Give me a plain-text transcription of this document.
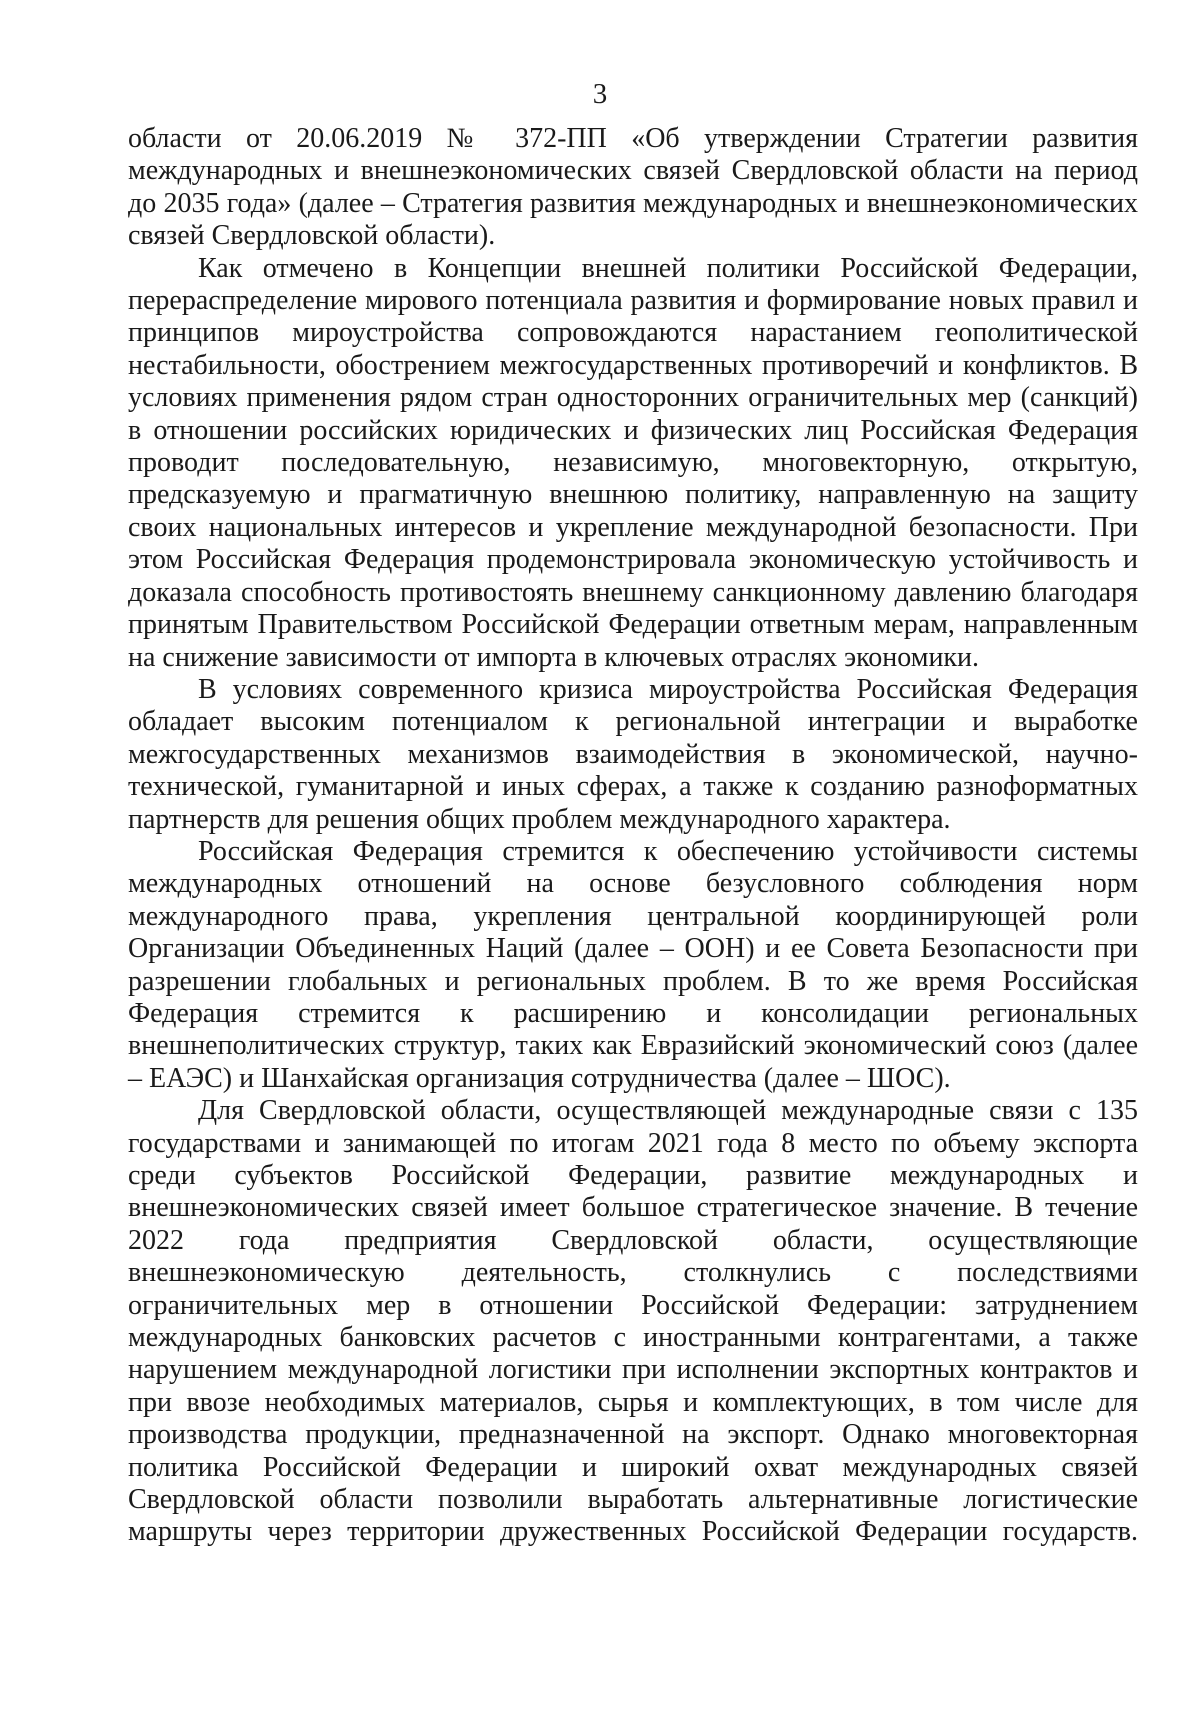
3

области от 20.06.2019 № 372-ПП «Об утверждении Стратегии развития международных и внешнеэкономических связей Свердловской области на период до 2035 года» (далее – Стратегия развития международных и внешнеэкономических связей Свердловской области).

Как отмечено в Концепции внешней политики Российской Федерации, перераспределение мирового потенциала развития и формирование новых правил и принципов мироустройства сопровождаются нарастанием геополитической нестабильности, обострением межгосударственных противоречий и конфликтов. В условиях применения рядом стран односторонних ограничительных мер (санкций) в отношении российских юридических и физических лиц Российская Федерация проводит последовательную, независимую, многовекторную, открытую, предсказуемую и прагматичную внешнюю политику, направленную на защиту своих национальных интересов и укрепление международной безопасности. При этом Российская Федерация продемонстрировала экономическую устойчивость и доказала способность противостоять внешнему санкционному давлению благодаря принятым Правительством Российской Федерации ответным мерам, направленным на снижение зависимости от импорта в ключевых отраслях экономики.

В условиях современного кризиса мироустройства Российская Федерация обладает высоким потенциалом к региональной интеграции и выработке межгосударственных механизмов взаимодействия в экономической, научно-технической, гуманитарной и иных сферах, а также к созданию разноформатных партнерств для решения общих проблем международного характера.

Российская Федерация стремится к обеспечению устойчивости системы международных отношений на основе безусловного соблюдения норм международного права, укрепления центральной координирующей роли Организации Объединенных Наций (далее – ООН) и ее Совета Безопасности при разрешении глобальных и региональных проблем. В то же время Российская Федерация стремится к расширению и консолидации региональных внешнеполитических структур, таких как Евразийский экономический союз (далее – ЕАЭС) и Шанхайская организация сотрудничества (далее – ШОС).

Для Свердловской области, осуществляющей международные связи с 135 государствами и занимающей по итогам 2021 года 8 место по объему экспорта среди субъектов Российской Федерации, развитие международных и внешнеэкономических связей имеет большое стратегическое значение. В течение 2022 года предприятия Свердловской области, осуществляющие внешнеэкономическую деятельность, столкнулись с последствиями ограничительных мер в отношении Российской Федерации: затруднением международных банковских расчетов с иностранными контрагентами, а также нарушением международной логистики при исполнении экспортных контрактов и при ввозе необходимых материалов, сырья и комплектующих, в том числе для производства продукции, предназначенной на экспорт. Однако многовекторная политика Российской Федерации и широкий охват международных связей Свердловской области позволили выработать альтернативные логистические маршруты через территории дружественных Российской Федерации государств.
